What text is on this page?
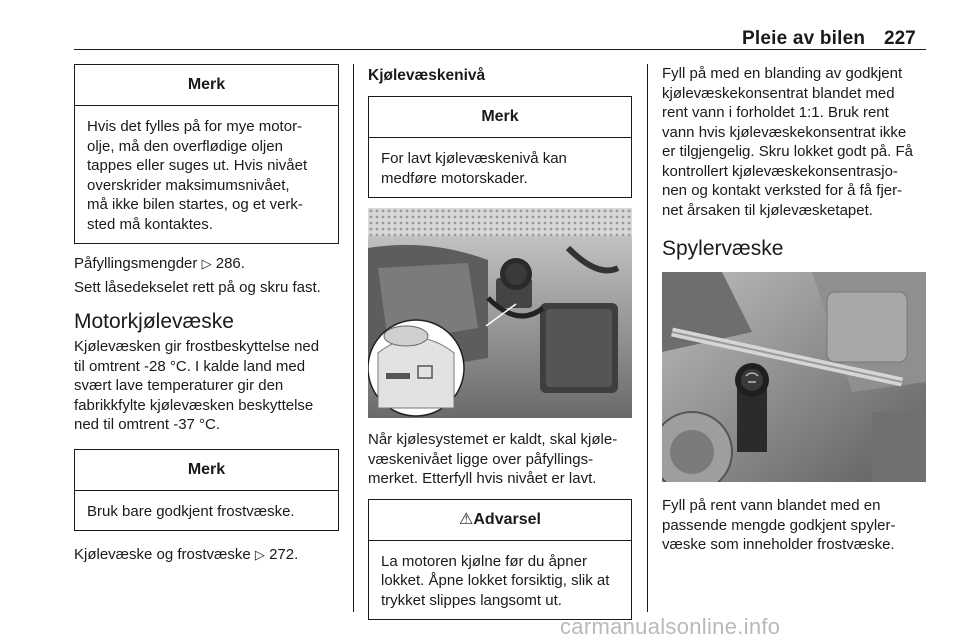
Pleie av bilen 227
Merk
Hvis det fylles på for mye motor-
olje, må den overflødige oljen
tappes eller suges ut. Hvis nivået
overskrider maksimumsnivået,
må ikke bilen startes, og et verk-
sted må kontaktes.

Påfyllingsmengder ▷ 286.

Sett låsedekselet rett på og skru fast.

Motorkjølevæske

Kjølevæsken gir frostbeskyttelse ned

til omtrent -28 °C. I kalde land med

svært lave temperaturer gir den

fabrikkfylte kjølevæsken beskyttelse

ned til omtrent -37 °C.

Merk
Bruk bare godkjent frostvæske.

Kjølevæske og frostvæske ▷ 272.

Kjølevæskenivå
Merk
For lavt kjølevæskenivå kan
medføre motorskader.

Når kjølesystemet er kaldt, skal kjøle-

væskenivået ligge over påfyllings-

merket. Etterfyll hvis nivået er lavt.

⚠Advarsel
La motoren kjølne før du åpner
lokket. Åpne lokket forsiktig, slik at
trykket slippes langsomt ut.

Fyll på med en blanding av godkjent

kjølevæskekonsentrat blandet med

rent vann i forholdet 1:1. Bruk rent

vann hvis kjølevæskekonsentrat ikke

er tilgjengelig. Skru lokket godt på. Få

kontrollert kjølevæskekonsentrasjo-

nen og kontakt verksted for å få fjer-

net årsaken til kjølevæsketapet.

Spylervæske

Fyll på rent vann blandet med en

passende mengde godkjent spyler-

væske som inneholder frostvæske.

carmanualsonline.info
